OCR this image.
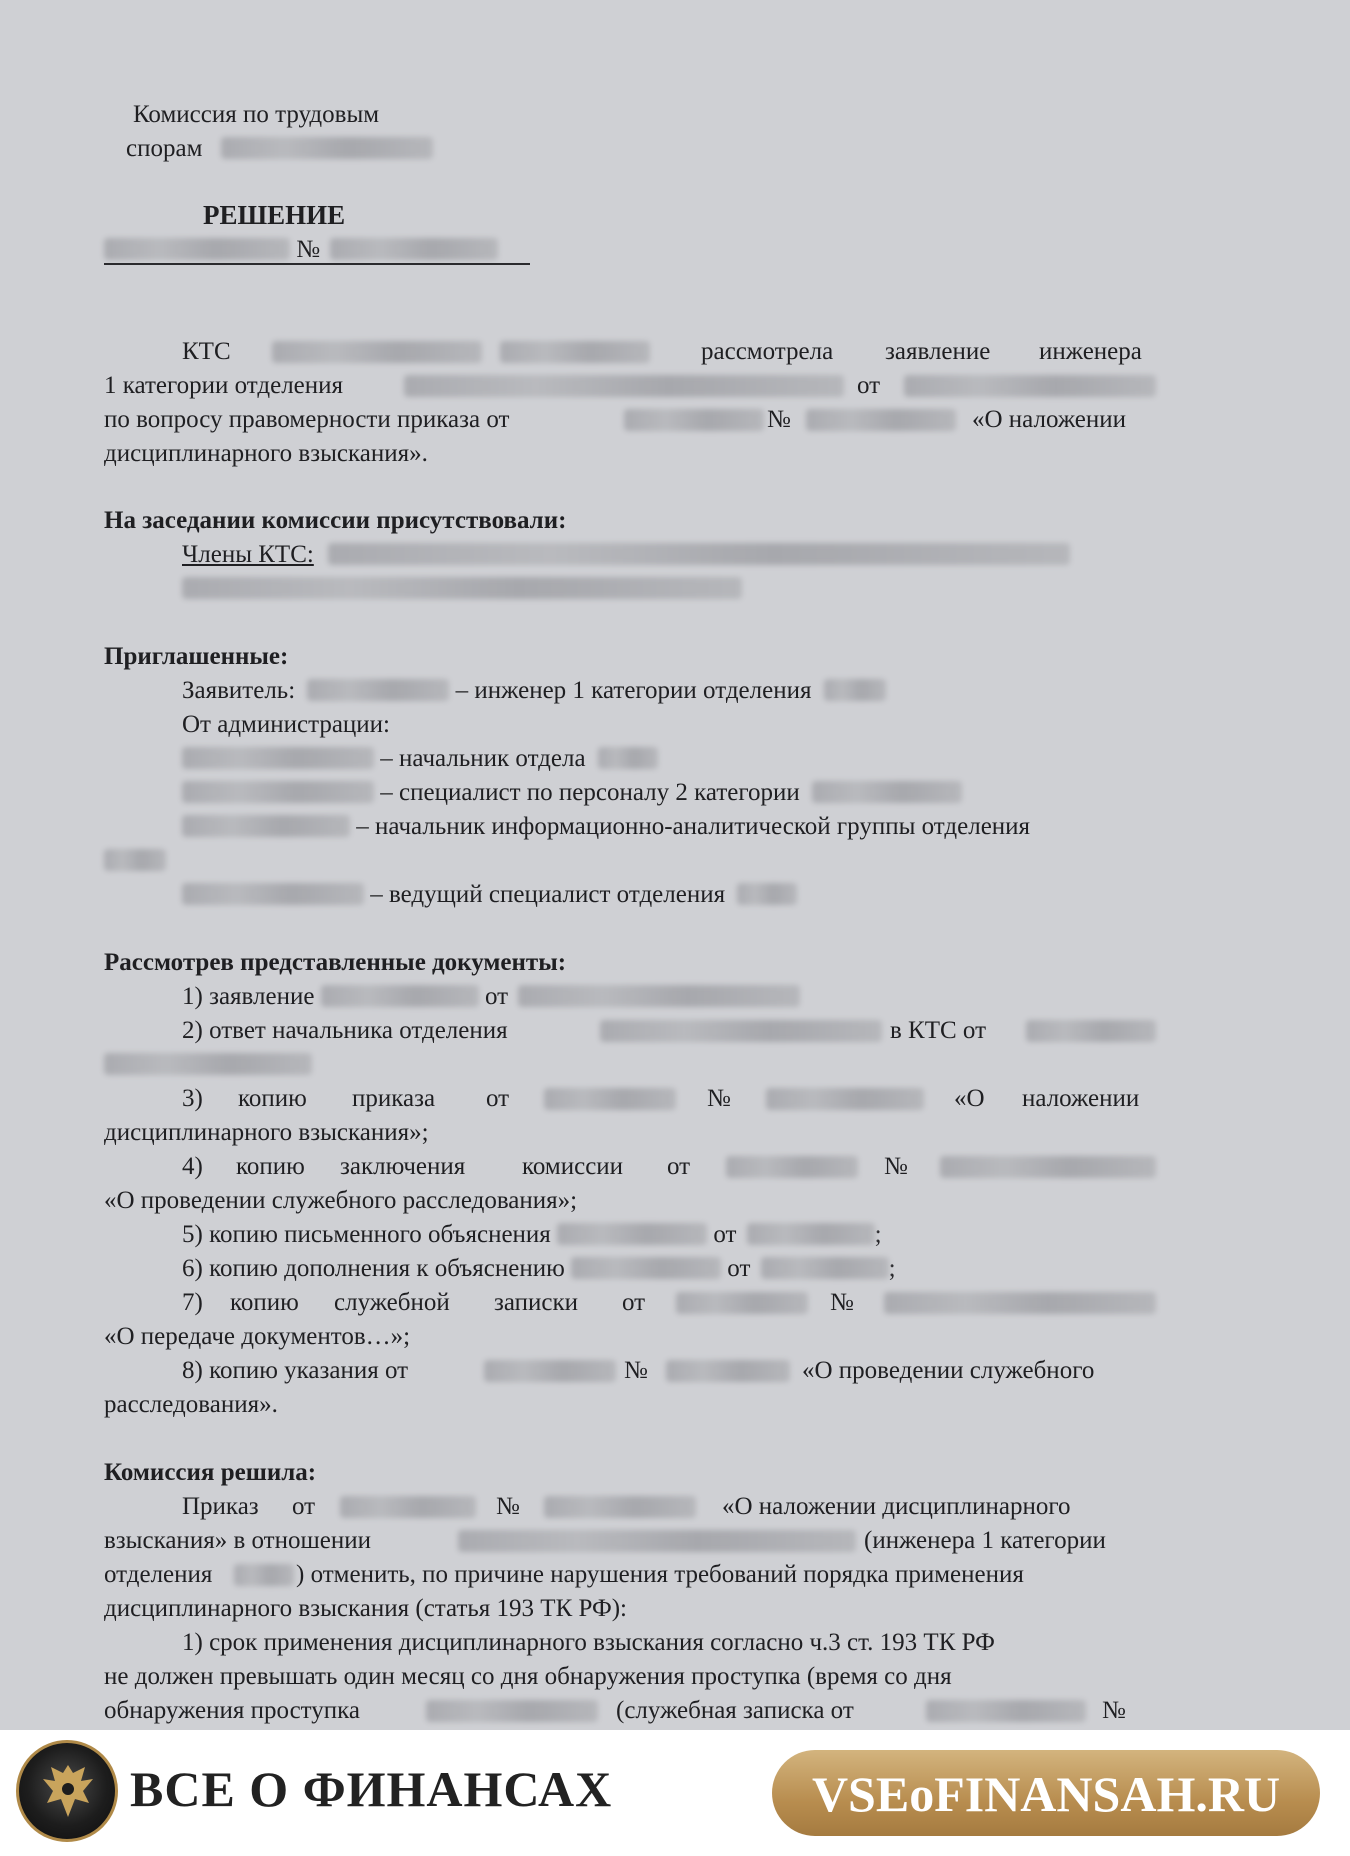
Комиссия по трудовым
спорам
РЕШЕНИЕ
№
КТС	рассмотрела заявление инженера
1 категории отделения	от
по вопросу правомерности приказа от	№	«О наложении
дисциплинарного взыскания».
На заседании комиссии присутствовали:
Члены КТС:
Приглашенные:
Заявитель:	– инженер 1 категории отделения
От администрации:
– начальник отдела
– специалист по персоналу 2 категории
– начальник информационно-аналитической группы отделения
– ведущий специалист отделения
Рассмотрев представленные документы:
1) заявление	от
2) ответ начальника отделения	в КТС от
3) копию приказа от	№	«О наложении
дисциплинарного взыскания»;
4) копию заключения комиссии от	№
«О проведении служебного расследования»;
5) копию письменного объяснения	от	;
6) копию дополнения к объяснению	от	;
7) копию служебной записки от	№
«О передаче документов…»;
8) копию указания от	№	«О проведении служебного
расследования».
Комиссия решила:
Приказ от	№	«О наложении дисциплинарного
взыскания» в отношении	(инженера 1 категории
отделения	) отменить, по причине нарушения требований порядка применения
дисциплинарного взыскания (статья 193 ТК РФ):
1) срок применения дисциплинарного взыскания согласно ч.3 ст. 193 ТК РФ
не должен превышать один месяц со дня обнаружения проступка (время со дня
обнаружения проступка	(служебная записка от	№
ВСЕ О ФИНАНСАХ	VSEoFINANSAH.RU
